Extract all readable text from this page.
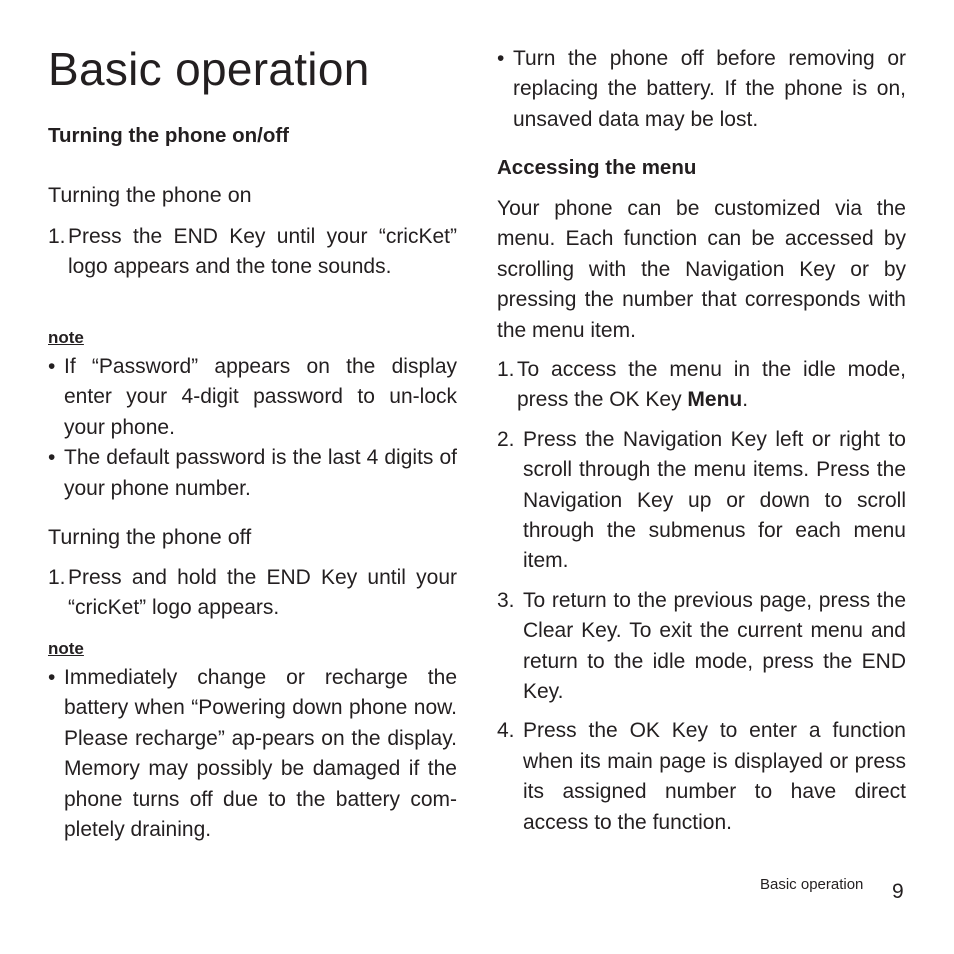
Basic operation
Turning the phone on/off
Turning the phone on
1. Press the END Key until your “cricKet” logo appears and the tone sounds.
note
• If “Password” appears on the display enter your 4-digit password to un-lock your phone.
• The default password is the last 4 digits of your phone number.
Turning the phone off
1. Press and hold the END Key until your “cricKet” logo appears.
note
• Immediately change or recharge the battery when “Powering down phone now. Please recharge” ap-pears on the display. Memory may possibly be damaged if the phone turns off due to the battery com-pletely draining.
• Turn the phone off before removing or replacing the battery. If the phone is on, unsaved data may be lost.
Accessing the menu

Your phone can be customized via the menu. Each function can be accessed by scrolling with the Navigation Key or by pressing the number that corresponds with the menu item.

1. To access the menu in the idle mode, press the OK Key Menu.
2. Press the Navigation Key left or right to scroll through the menu items. Press the Navigation Key up or down to scroll through the submenus for each menu item.
3. To return to the previous page, press the Clear Key. To exit the current menu and return to the idle mode, press the END Key.
4. Press the OK Key to enter a function when its main page is displayed or press its assigned number to have direct access to the function.
Basic operation 9
